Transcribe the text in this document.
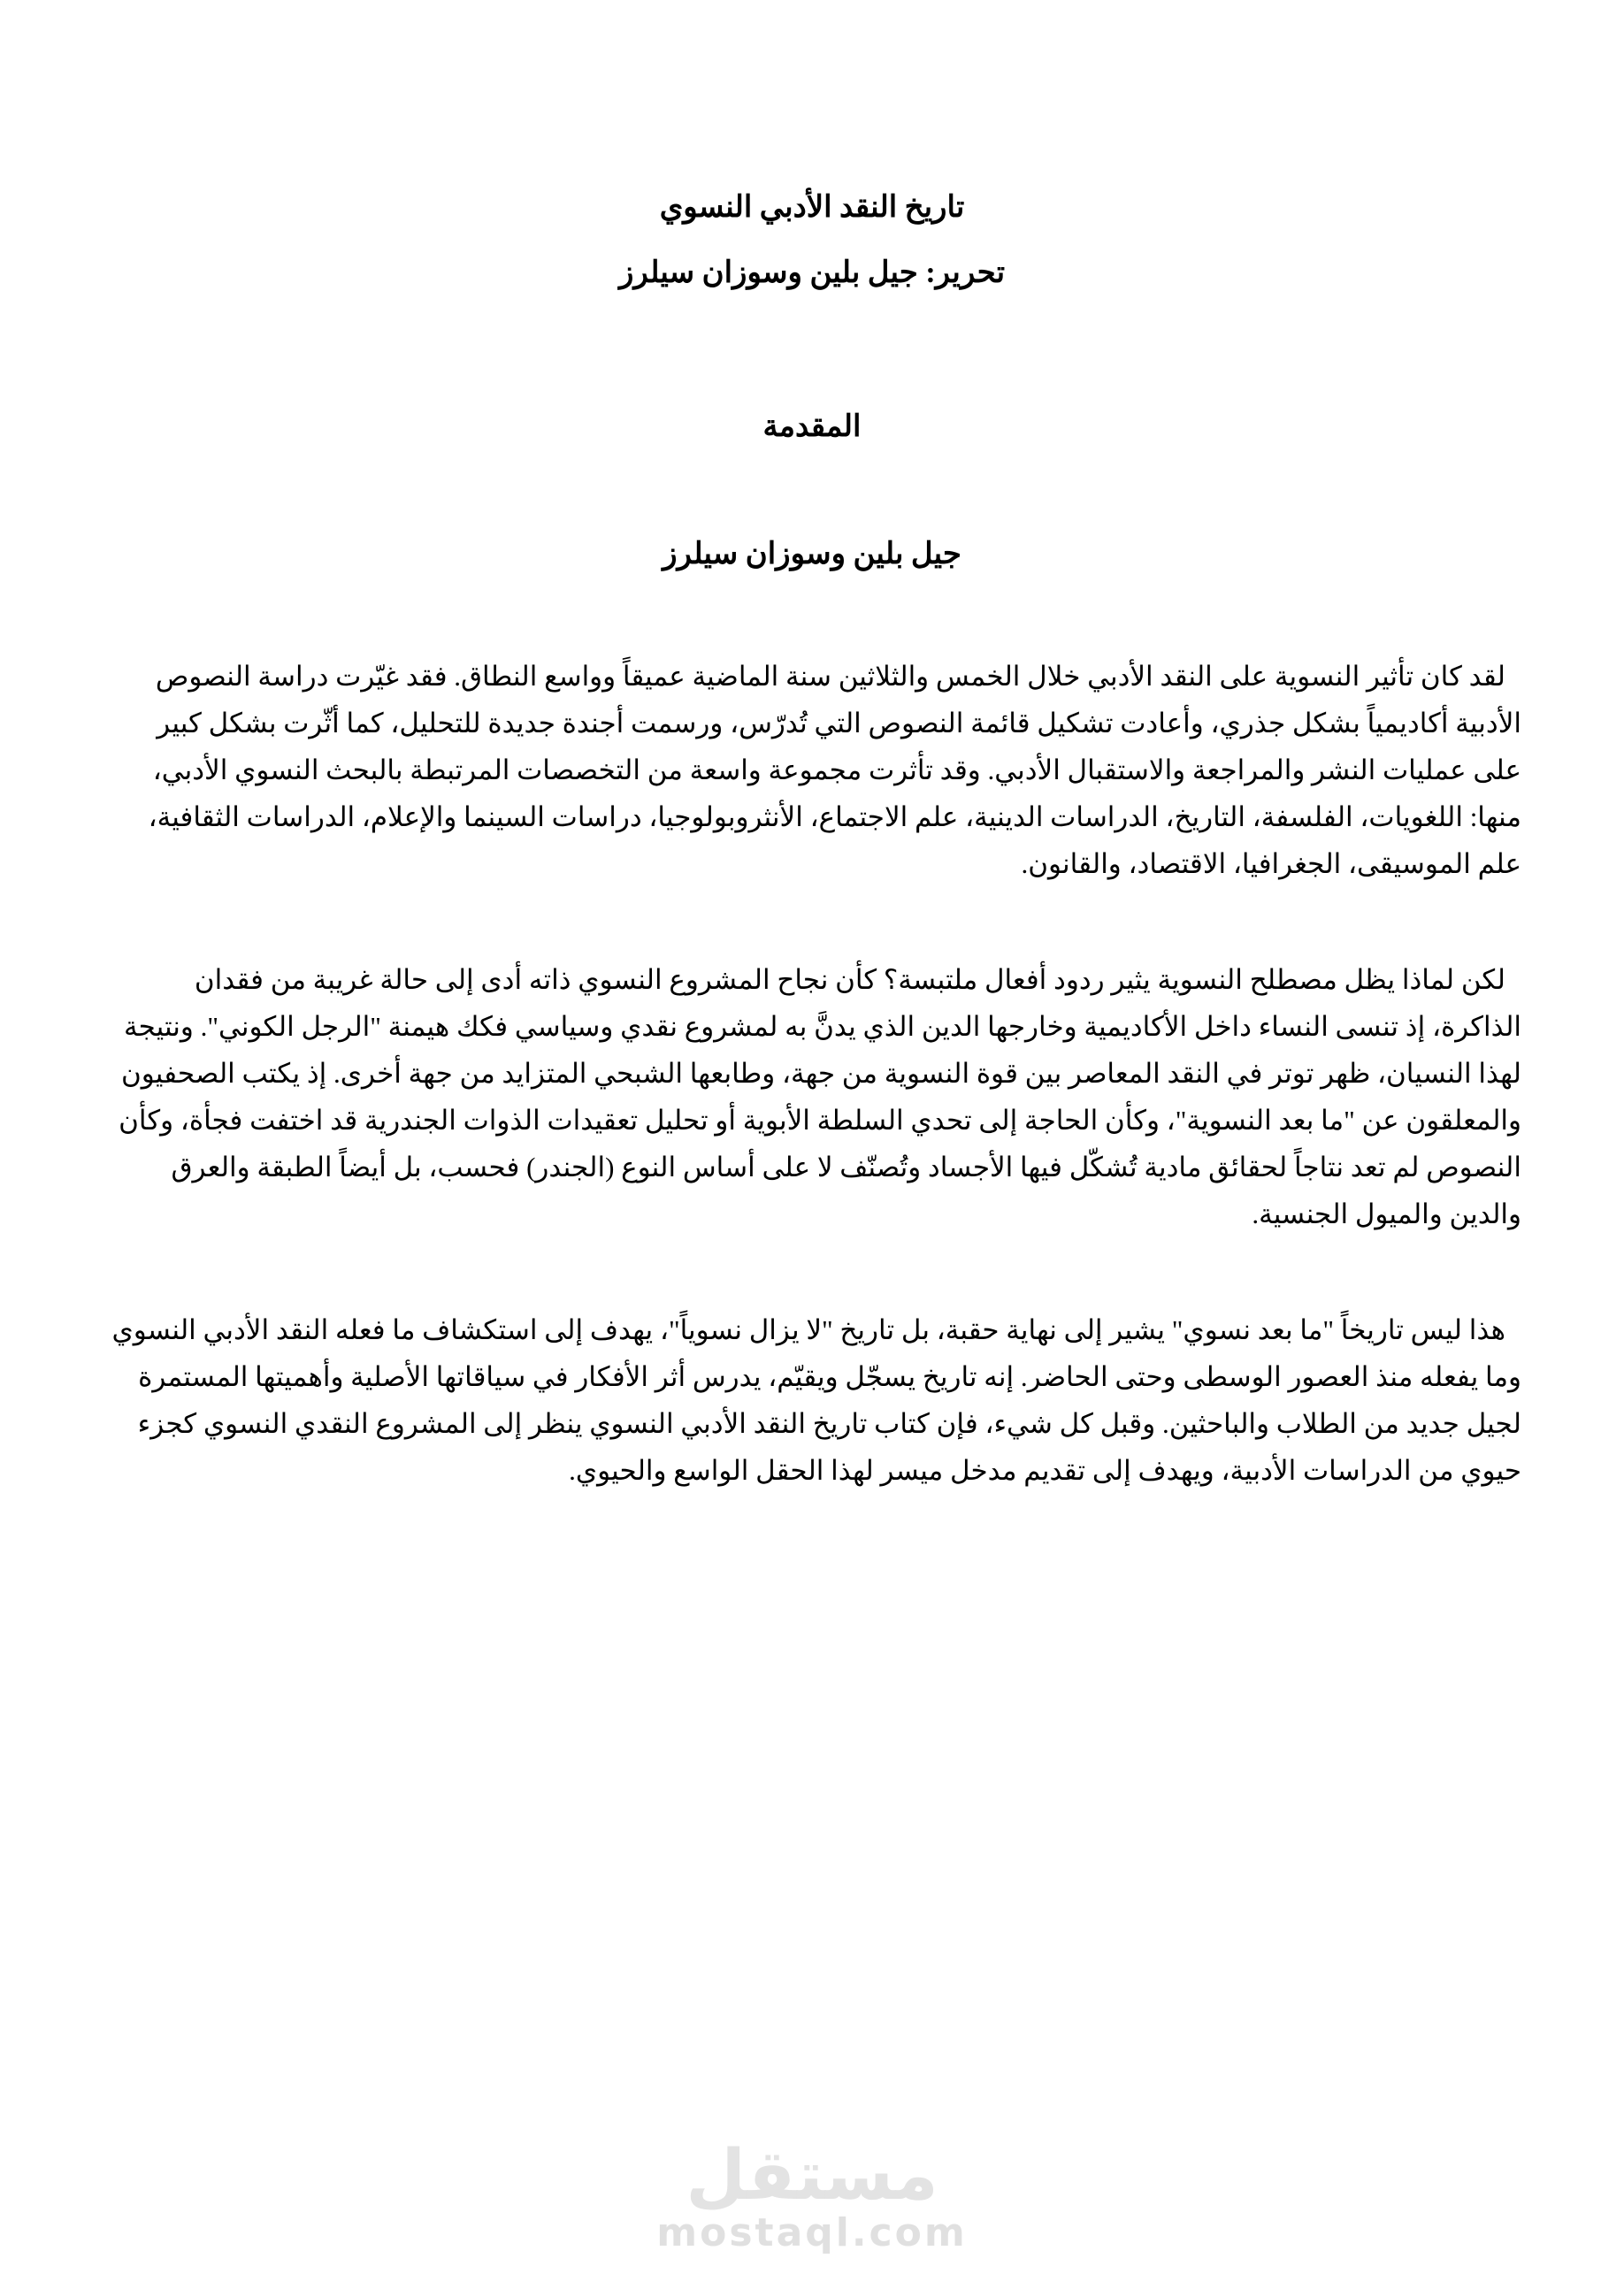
تاريخ النقد الأدبي النسوي
تحرير: جيل بلين وسوزان سيلرز
المقدمة
جيل بلين وسوزان سيلرز

لقد كان تأثير النسوية على النقد الأدبي خلال الخمس والثلاثين سنة الماضية عميقاً وواسع النطاق. فقد غيّرت دراسة النصوص الأدبية أكاديمياً بشكل جذري، وأعادت تشكيل قائمة النصوص التي تُدرّس، ورسمت أجندة جديدة للتحليل، كما أثّرت بشكل كبير على عمليات النشر والمراجعة والاستقبال الأدبي. وقد تأثرت مجموعة واسعة من التخصصات المرتبطة بالبحث النسوي الأدبي، منها: اللغويات، الفلسفة، التاريخ، الدراسات الدينية، علم الاجتماع، الأنثروبولوجيا، دراسات السينما والإعلام، الدراسات الثقافية، علم الموسيقى، الجغرافيا، الاقتصاد، والقانون.

لكن لماذا يظل مصطلح النسوية يثير ردود أفعال ملتبسة؟ كأن نجاح المشروع النسوي ذاته أدى إلى حالة غريبة من فقدان الذاكرة، إذ تنسى النساء داخل الأكاديمية وخارجها الدين الذي يدنَّ به لمشروع نقدي وسياسي فكك هيمنة "الرجل الكوني". ونتيجة لهذا النسيان، ظهر توتر في النقد المعاصر بين قوة النسوية من جهة، وطابعها الشبحي المتزايد من جهة أخرى. إذ يكتب الصحفيون والمعلقون عن "ما بعد النسوية"، وكأن الحاجة إلى تحدي السلطة الأبوية أو تحليل تعقيدات الذوات الجندرية قد اختفت فجأة، وكأن النصوص لم تعد نتاجاً لحقائق مادية تُشكّل فيها الأجساد وتُصنّف لا على أساس النوع (الجندر) فحسب، بل أيضاً الطبقة والعرق والدين والميول الجنسية.

هذا ليس تاريخاً "ما بعد نسوي" يشير إلى نهاية حقبة، بل تاريخ "لا يزال نسوياً"، يهدف إلى استكشاف ما فعله النقد الأدبي النسوي وما يفعله منذ العصور الوسطى وحتى الحاضر. إنه تاريخ يسجّل ويقيّم، يدرس أثر الأفكار في سياقاتها الأصلية وأهميتها المستمرة لجيل جديد من الطلاب والباحثين. وقبل كل شيء، فإن كتاب تاريخ النقد الأدبي النسوي ينظر إلى المشروع النقدي النسوي كجزء حيوي من الدراسات الأدبية، ويهدف إلى تقديم مدخل ميسر لهذا الحقل الواسع والحيوي.

مستقل
mostaql.com
